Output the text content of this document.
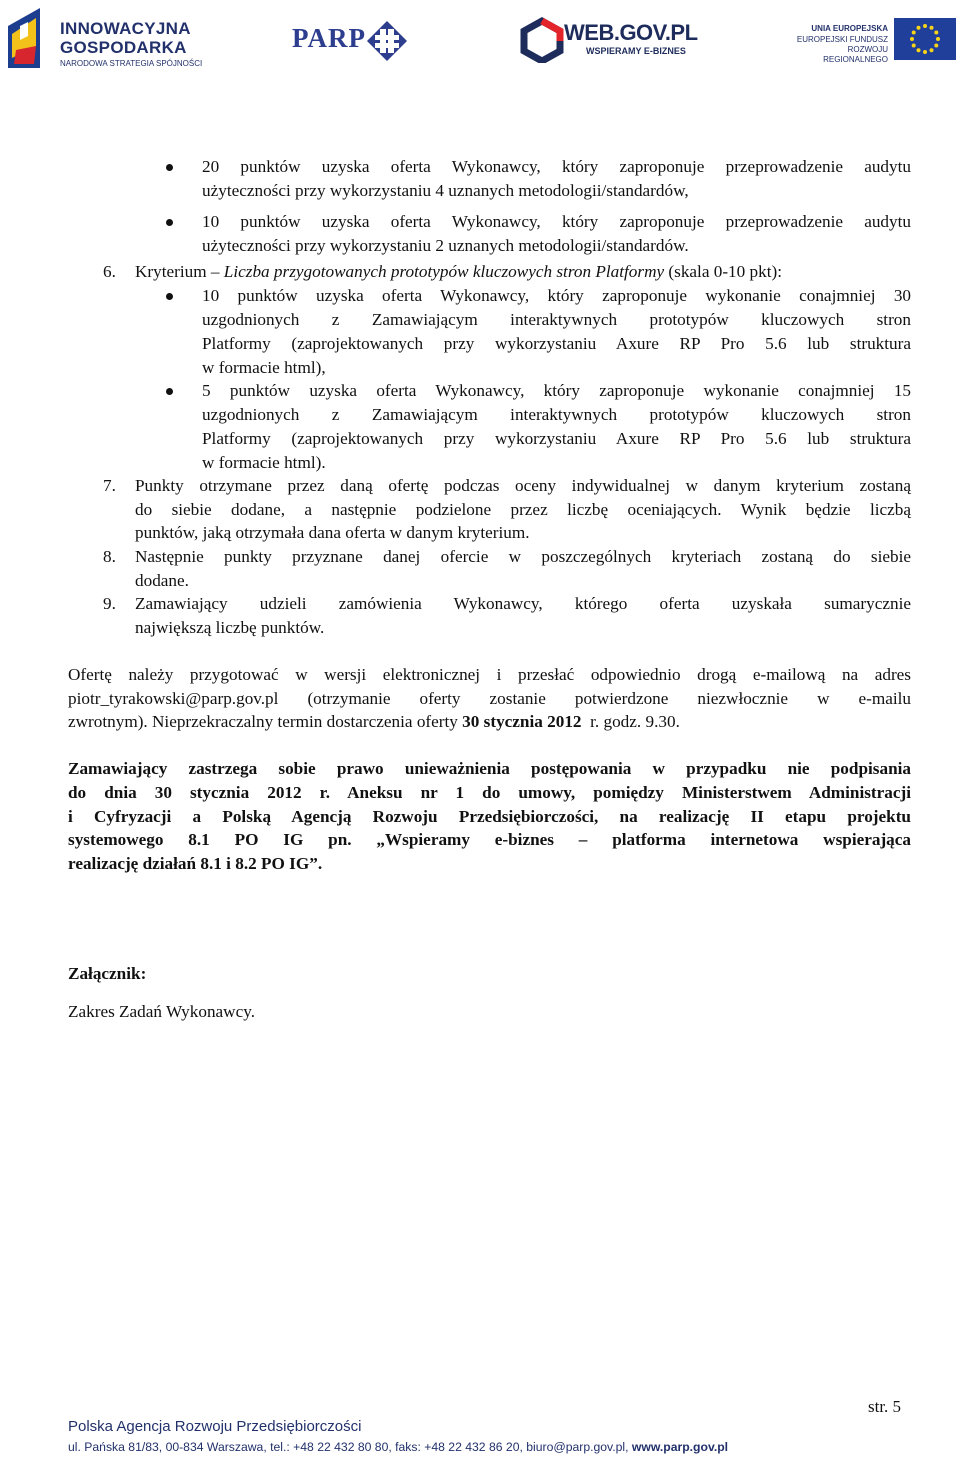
INNOWACYJNA
GOSPODARKA
NARODOWA STRATEGIA SPÓJNOŚCI
PARP	WEB.GOV.PL
WSPIERAMY E-BIZNES
UNIA EUROPEJSKA
EUROPEJSKI FUNDUSZ
ROZWOJU REGIONALNEGO
20 punktów uzyska oferta Wykonawcy, który zaproponuje przeprowadzenie audytu
użyteczności przy wykorzystaniu 4 uznanych metodologii/standardów,
10 punktów uzyska oferta Wykonawcy, który zaproponuje przeprowadzenie audytu
użyteczności przy wykorzystaniu 2 uznanych metodologii/standardów.
6. Kryterium – Liczba przygotowanych prototypów kluczowych stron Platformy (skala 0-10 pkt):
10 punktów uzyska oferta Wykonawcy, który zaproponuje wykonanie conajmniej 30
uzgodnionych z Zamawiającym interaktywnych prototypów kluczowych stron
Platformy (zaprojektowanych przy wykorzystaniu Axure RP Pro 5.6 lub struktura
w formacie html),
5 punktów uzyska oferta Wykonawcy, który zaproponuje wykonanie conajmniej 15
uzgodnionych z Zamawiającym interaktywnych prototypów kluczowych stron
Platformy (zaprojektowanych przy wykorzystaniu Axure RP Pro 5.6 lub struktura
w formacie html).
7. Punkty otrzymane przez daną ofertę podczas oceny indywidualnej w danym kryterium zostaną
do siebie dodane, a następnie podzielone przez liczbę oceniających. Wynik będzie liczbą
punktów, jaką otrzymała dana oferta w danym kryterium.
8. Następnie punkty przyznane danej ofercie w poszczególnych kryteriach zostaną do siebie
dodane.
9. Zamawiający udzieli zamówienia Wykonawcy, którego oferta uzyskała sumarycznie
największą liczbę punktów.
Ofertę należy przygotować w wersji elektronicznej i przesłać odpowiednio drogą e-mailową na adres
piotr_tyrakowski@parp.gov.pl (otrzymanie oferty zostanie potwierdzone niezwłocznie w e-mailu
zwrotnym). Nieprzekraczalny termin dostarczenia oferty 30 stycznia 2012  r. godz. 9.30.
Zamawiający zastrzega sobie prawo unieważnienia postępowania w przypadku nie podpisania
do dnia 30 stycznia 2012 r. Aneksu nr 1 do umowy, pomiędzy Ministerstwem Administracji
i Cyfryzacji a Polską Agencją Rozwoju Przedsiębiorczości, na realizację II etapu projektu
systemowego 8.1 PO IG pn. „Wspieramy e-biznes – platforma internetowa wspierająca
realizację działań 8.1 i 8.2 PO IG”.
Załącznik:
Zakres Zadań Wykonawcy.
str. 5
Polska Agencja Rozwoju Przedsiębiorczości
ul. Pańska 81/83, 00-834 Warszawa, tel.: +48 22 432 80 80, faks: +48 22 432 86 20, biuro@parp.gov.pl, www.parp.gov.pl
